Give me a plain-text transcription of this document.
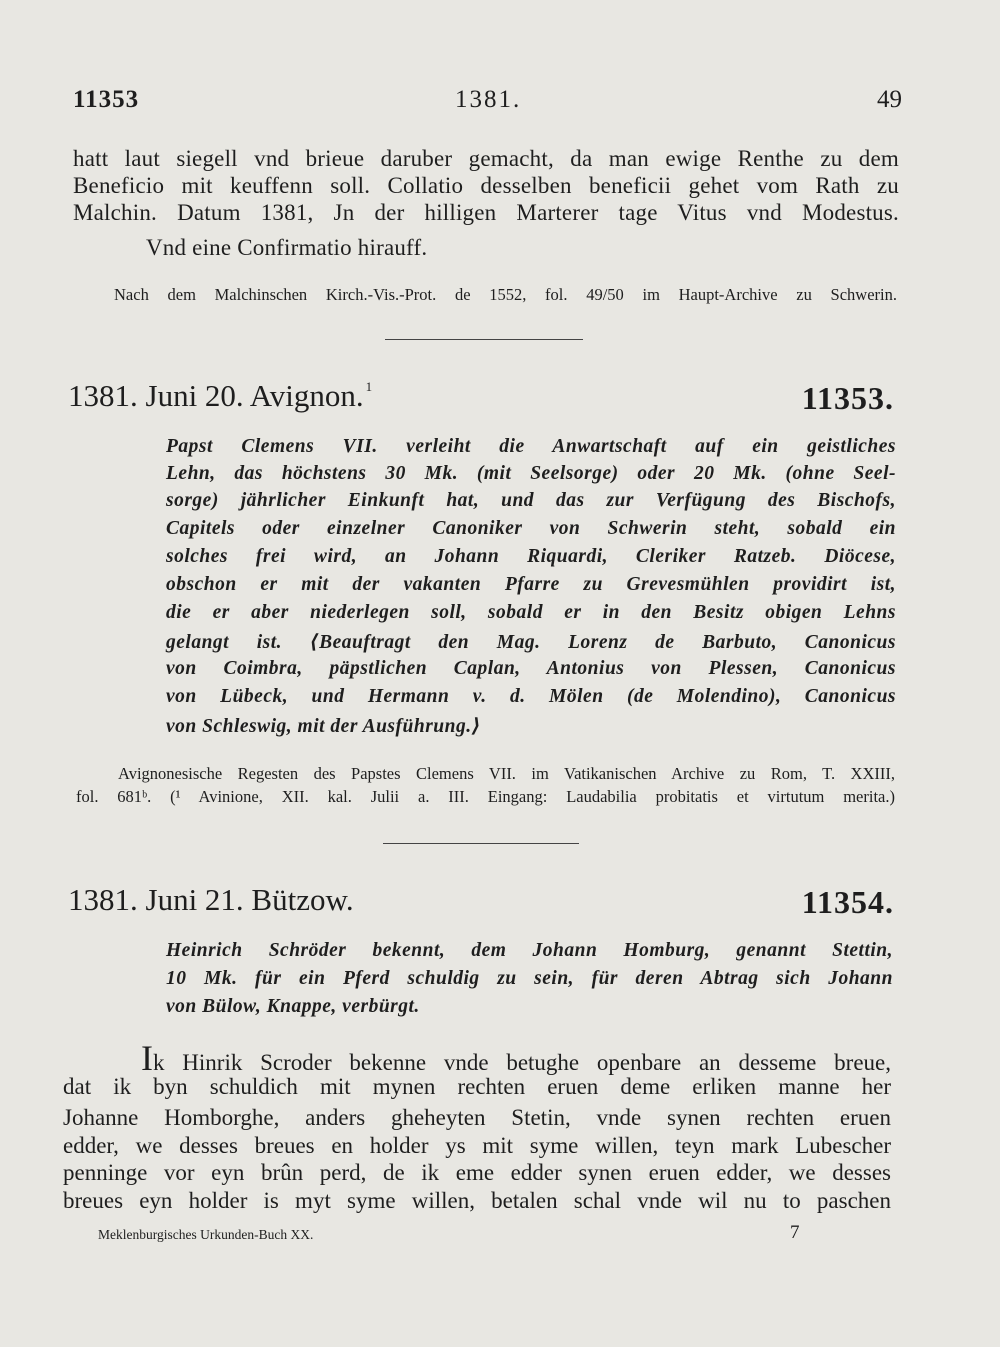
11353	1381.	49
hatt laut siegell vnd brieue daruber gemacht, da man ewige Renthe zu dem
Beneficio mit keuffenn soll. Collatio desselben beneficii gehet vom Rath zu
Malchin. Datum 1381, Jn der hilligen Marterer tage Vitus vnd Modestus.
Vnd eine Confirmatio hirauff.
Nach dem Malchinschen Kirch.-Vis.-Prot. de 1552, fol. 49/50 im Haupt-Archive zu Schwerin.
1381. Juni 20. Avignon. $^1$	11353.
Papst Clemens VII. verleiht die Anwartschaft auf ein geistliches
Lehn, das höchstens 30 Mk. (mit Seelsorge) oder 20 Mk. (ohne Seel-
sorge) jährlicher Einkunft hat, und das zur Verfügung des Bischofs,
Capitels oder einzelner Canoniker von Schwerin steht, sobald ein
solches frei wird, an Johann Riquardi, Cleriker Ratzeb. Diöcese,
obschon er mit der vakanten Pfarre zu Grevesmühlen providirt ist,
die er aber niederlegen soll, sobald er in den Besitz obigen Lehns
gelangt ist. ⟨Beauftragt den Mag. Lorenz de Barbuto, Canonicus
von Coimbra, päpstlichen Caplan, Antonius von Plessen, Canonicus
von Lübeck, und Hermann v. d. Mölen (de Molendino), Canonicus
von Schleswig, mit der Ausführung.⟩
Avignonesische Regesten des Papstes Clemens VII. im Vatikanischen Archive zu Rom, T. XXIII,
fol. 681ᵇ. (¹ Avinione, XII. kal. Julii a. III. Eingang: Laudabilia probitatis et virtutum merita.)
1381. Juni 21. Bützow.	11354.
Heinrich Schröder bekennt, dem Johann Homburg, genannt Stettin,
10 Mk. für ein Pferd schuldig zu sein, für deren Abtrag sich Johann
von Bülow, Knappe, verbürgt.
I k Hinrik Scroder bekenne vnde betughe openbare an desseme breue,
dat ik byn schuldich mit mynen rechten eruen deme erliken manne her
Johanne Homborghe, anders gheheyten Stetin, vnde synen rechten eruen
edder, we desses breues en holder ys mit syme willen, teyn mark Lubescher
penninge vor eyn brûn perd, de ik eme edder synen eruen edder, we desses
breues eyn holder is myt syme willen, betalen schal vnde wil nu to paschen
Meklenburgisches Urkunden-Buch XX.	7
